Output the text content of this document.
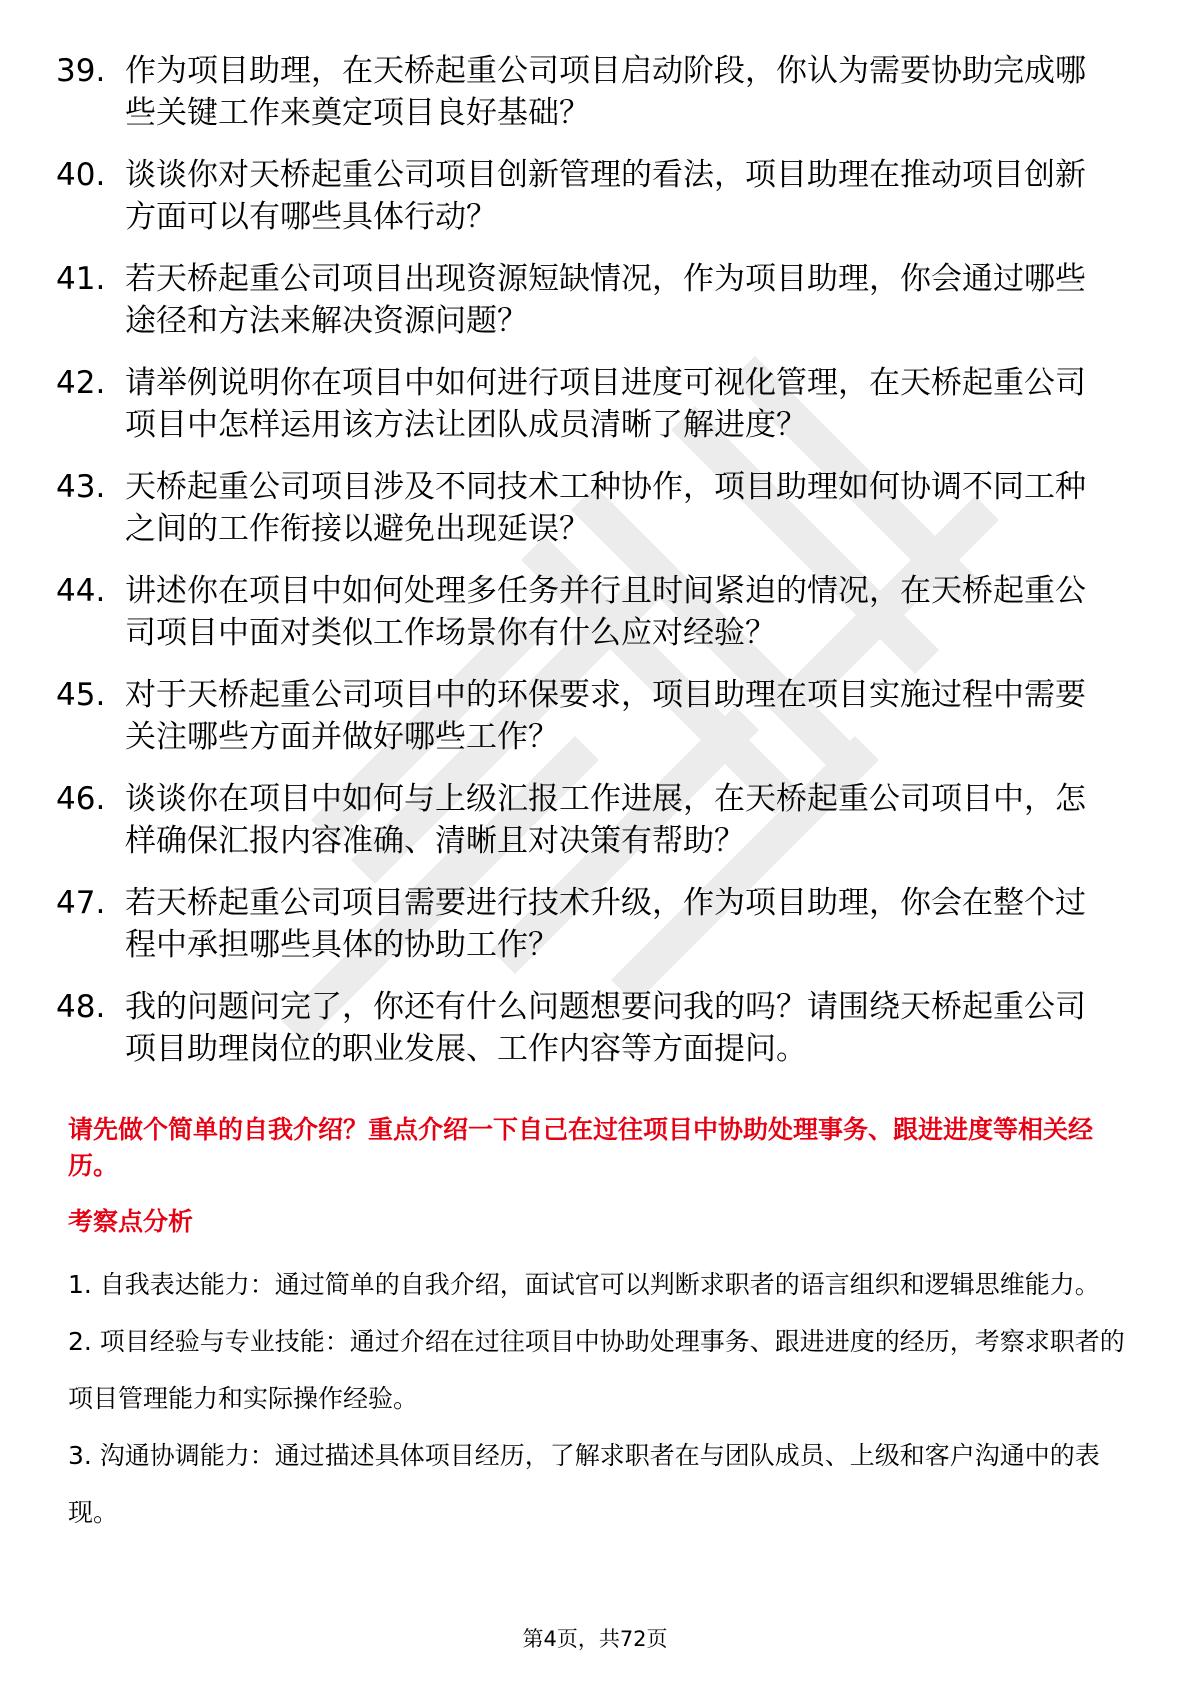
39. 作为项目助理，在天桥起重公司项目启动阶段，你认为需要协助完成哪些关键工作来奠定项目良好基础？
40. 谈谈你对天桥起重公司项目创新管理的看法，项目助理在推动项目创新方面可以有哪些具体行动？
41. 若天桥起重公司项目出现资源短缺情况，作为项目助理，你会通过哪些途径和方法来解决资源问题？
42. 请举例说明你在项目中如何进行项目进度可视化管理，在天桥起重公司项目中怎样运用该方法让团队成员清晰了解进度？
43. 天桥起重公司项目涉及不同技术工种协作，项目助理如何协调不同工种之间的工作衔接以避免出现延误？
44. 讲述你在项目中如何处理多任务并行且时间紧迫的情况，在天桥起重公司项目中面对类似工作场景你有什么应对经验？
45. 对于天桥起重公司项目中的环保要求，项目助理在项目实施过程中需要关注哪些方面并做好哪些工作？
46. 谈谈你在项目中如何与上级汇报工作进展，在天桥起重公司项目中，怎样确保汇报内容准确、清晰且对决策有帮助？
47. 若天桥起重公司项目需要进行技术升级，作为项目助理，你会在整个过程中承担哪些具体的协助工作？
48. 我的问题问完了，你还有什么问题想要问我的吗？请围绕天桥起重公司项目助理岗位的职业发展、工作内容等方面提问。

请先做个简单的自我介绍？重点介绍一下自己在过往项目中协助处理事务、跟进进度等相关经历。

考察点分析

1. 自我表达能力：通过简单的自我介绍，面试官可以判断求职者的语言组织和逻辑思维能力。

2. 项目经验与专业技能：通过介绍在过往项目中协助处理事务、跟进进度的经历，考察求职者的项目管理能力和实际操作经验。

3. 沟通协调能力：通过描述具体项目经历，了解求职者在与团队成员、上级和客户沟通中的表现。

第4页，共72页
